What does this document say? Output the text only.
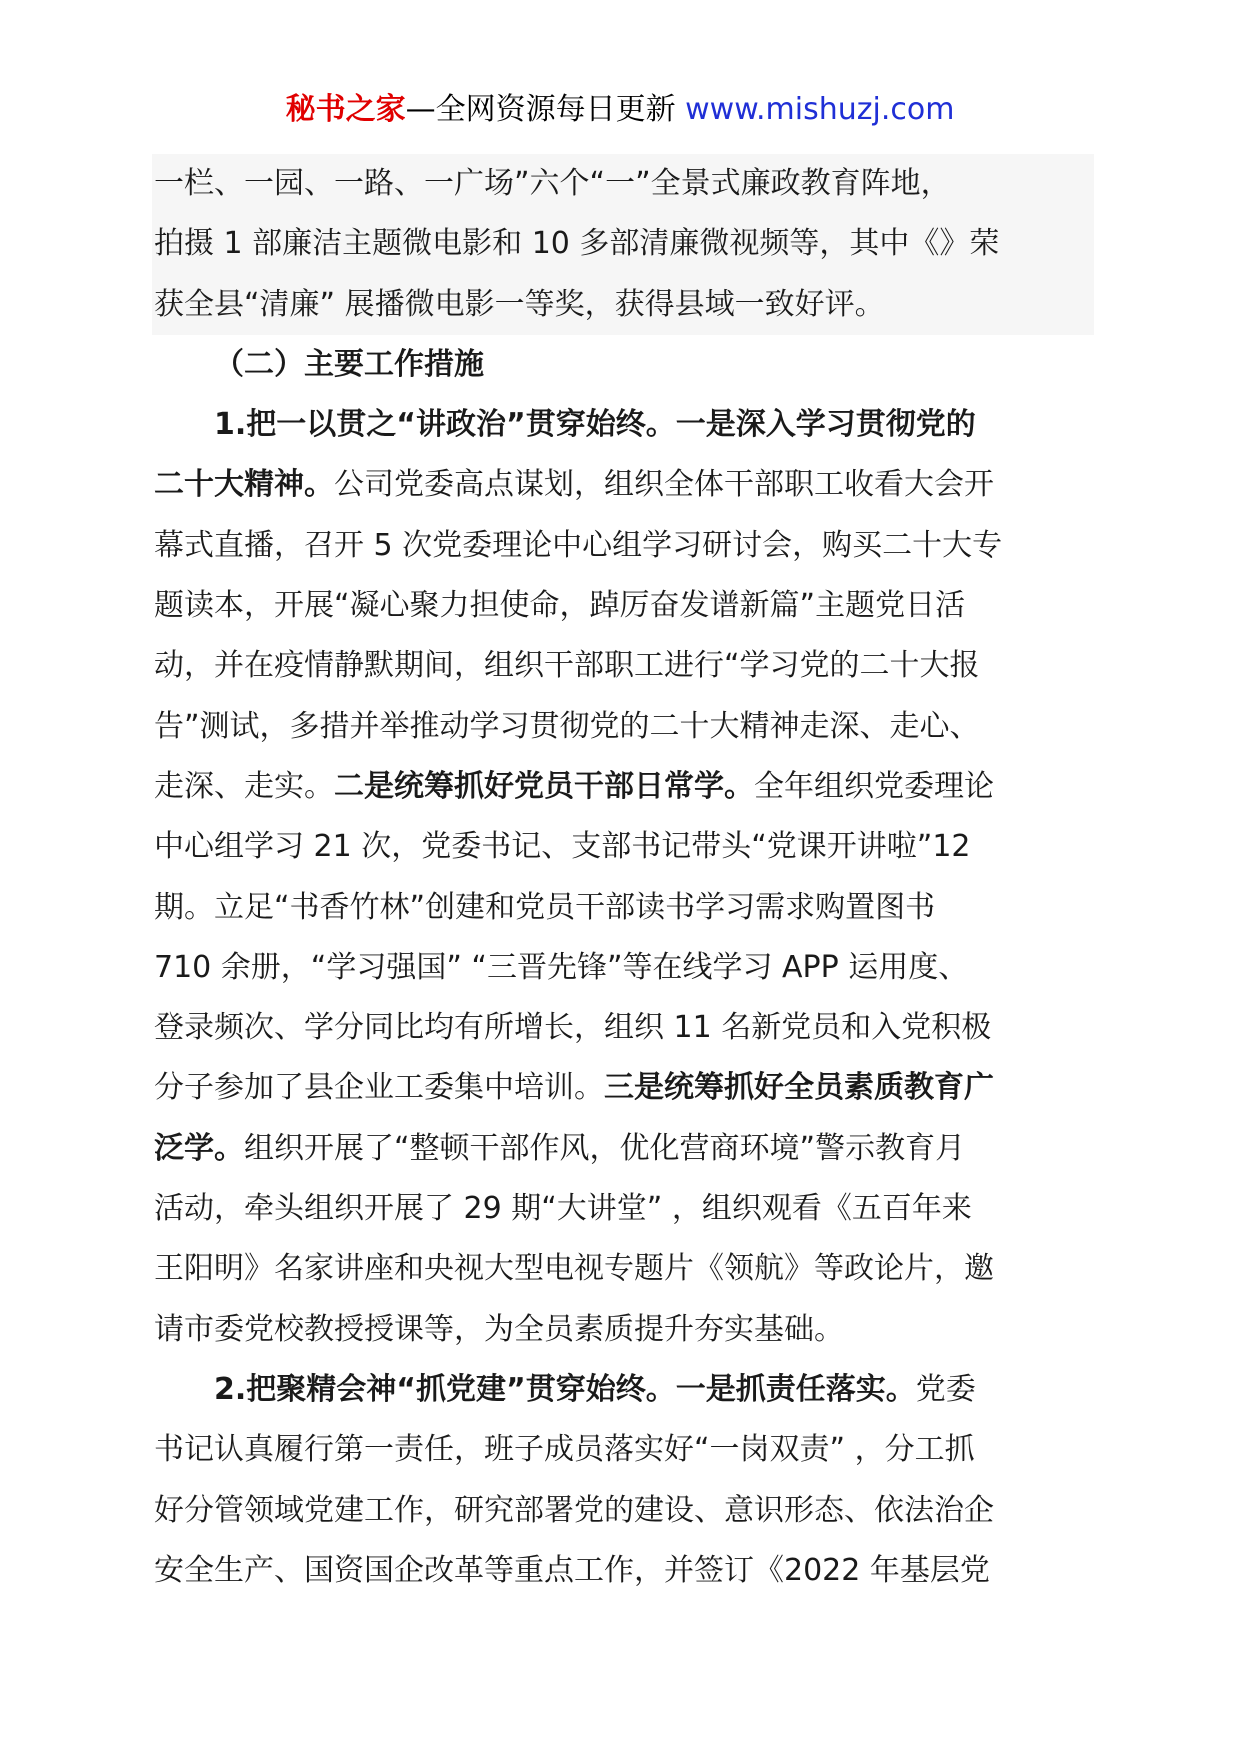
秘书之家—全网资源每日更新 www.mishuzj.com
一栏、一园、一路、一广场”六个“一”全景式廉政教育阵地，
拍摄 1 部廉洁主题微电影和 10 多部清廉微视频等，其中《》荣
获全县“清廉” 展播微电影一等奖，获得县域一致好评。
（二）主要工作措施
1.把一以贯之“讲政治”贯穿始终。一是深入学习贯彻党的
二十大精神。公司党委高点谋划，组织全体干部职工收看大会开
幕式直播，召开 5 次党委理论中心组学习研讨会，购买二十大专
题读本，开展“凝心聚力担使命，踔厉奋发谱新篇”主题党日活
动，并在疫情静默期间，组织干部职工进行“学习党的二十大报
告”测试，多措并举推动学习贯彻党的二十大精神走深、走心、
走深、走实。二是统筹抓好党员干部日常学。全年组织党委理论
中心组学习 21 次，党委书记、支部书记带头“党课开讲啦”12
期。立足“书香竹林”创建和党员干部读书学习需求购置图书
710 余册，“学习强国” “三晋先锋”等在线学习 APP 运用度、
登录频次、学分同比均有所增长，组织 11 名新党员和入党积极
分子参加了县企业工委集中培训。三是统筹抓好全员素质教育广
泛学。组织开展了“整顿干部作风，优化营商环境”警示教育月
活动，牵头组织开展了 29 期“大讲堂” ，组织观看《五百年来
王阳明》名家讲座和央视大型电视专题片《领航》等政论片，邀
请市委党校教授授课等，为全员素质提升夯实基础。
2.把聚精会神“抓党建”贯穿始终。一是抓责任落实。党委
书记认真履行第一责任，班子成员落实好“一岗双责” ，分工抓
好分管领域党建工作，研究部署党的建设、意识形态、依法治企
安全生产、国资国企改革等重点工作，并签订《2022 年基层党
